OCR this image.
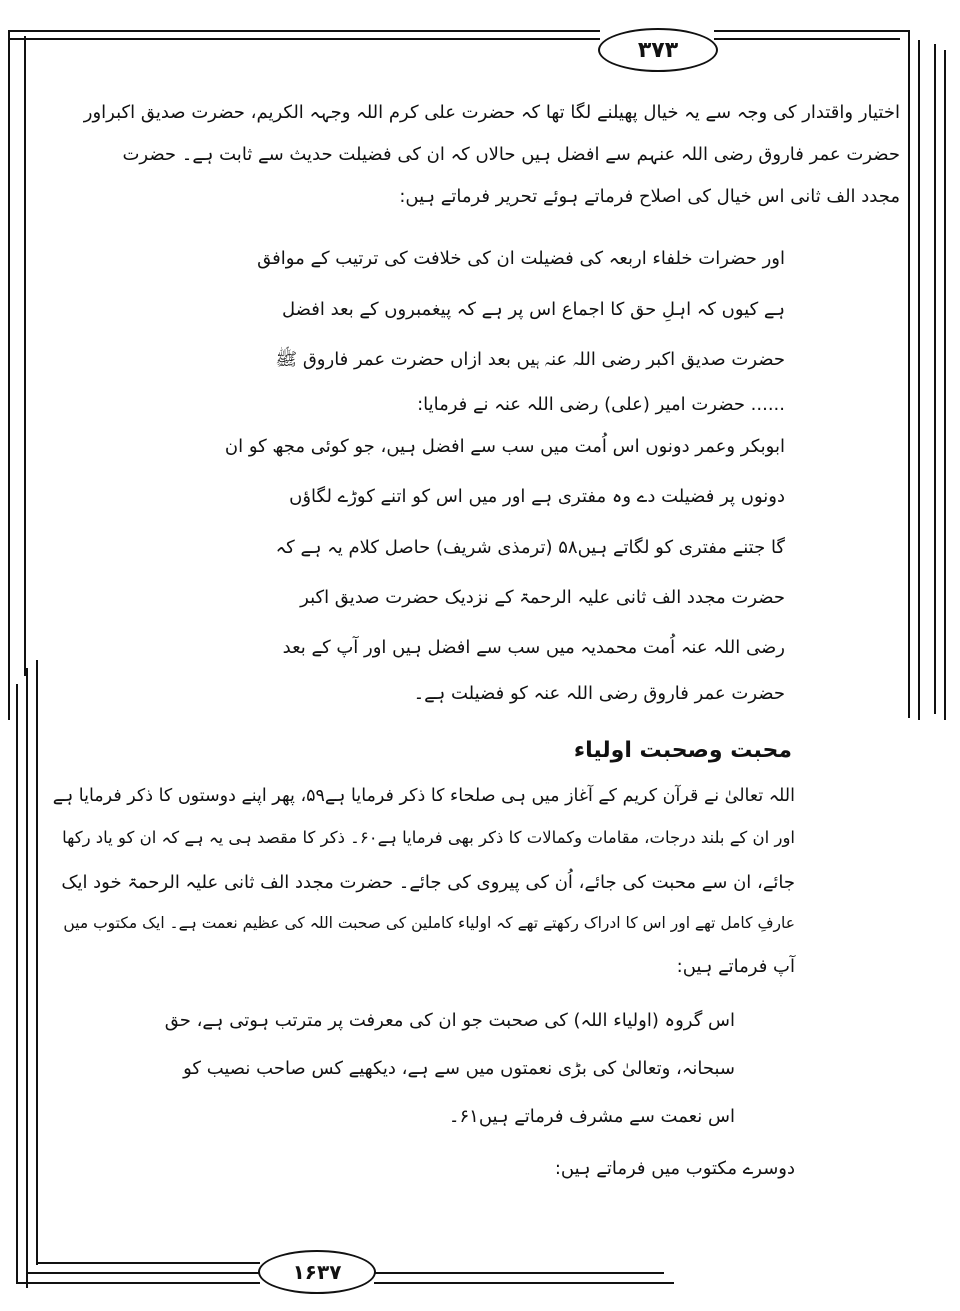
۳۷۳
اختیار واقتدار کی وجہ سے یہ خیال پھیلنے لگا تھا کہ حضرت علی کرم اللہ وجہہ الکریم، حضرت صدیق اکبراور
حضرت عمر فاروق رضی اللہ عنہم سے افضل ہیں حالاں کہ ان کی فضیلت حدیث سے ثابت ہے۔ حضرت
مجدد الف ثانی اس خیال کی اصلاح فرماتے ہوئے تحریر فرماتے ہیں:
اور حضرات خلفاء اربعہ کی فضیلت ان کی خلافت کی ترتیب کے موافق
ہے کیوں کہ اہلِ حق کا اجماع اس پر ہے کہ پیغمبروں کے بعد افضل
حضرت صدیق اکبر رضی اللہ عنہ ہیں بعد ازاں حضرت عمر فاروق ﷺ
...... حضرت امیر (علی) رضی اللہ عنہ نے فرمایا:
ابوبکر وعمر دونوں اس اُمت میں سب سے افضل ہیں، جو کوئی مجھ کو ان
دونوں پر فضیلت دے وہ مفتری ہے اور میں اس کو اتنے کوڑے لگاؤں
گا جتنے مفتری کو لگاتے ہیں۵۸ (ترمذی شریف) حاصل کلام یہ ہے کہ
حضرت مجدد الف ثانی علیہ الرحمۃ کے نزدیک حضرت صدیق اکبر
رضی اللہ عنہ اُمت محمدیہ میں سب سے افضل ہیں اور آپ کے بعد
حضرت عمر فاروق رضی اللہ عنہ کو فضیلت ہے۔
۱۶۳۷
محبت وصحبت اولیاء
اللہ تعالیٰ نے قرآن کریم کے آغاز میں ہی صلحاء کا ذکر فرمایا ہے۵۹، پھر اپنے دوستوں کا ذکر فرمایا ہے
اور ان کے بلند درجات، مقامات وکمالات کا ذکر بھی فرمایا ہے۶۰۔ ذکر کا مقصد ہی یہ ہے کہ ان کو یاد رکھا
جائے، ان سے محبت کی جائے، اُن کی پیروی کی جائے۔ حضرت مجدد الف ثانی علیہ الرحمۃ خود ایک
عارفِ کامل تھے اور اس کا ادراک رکھتے تھے کہ اولیاء کاملین کی صحبت اللہ کی عظیم نعمت ہے۔ ایک مکتوب میں
آپ فرماتے ہیں:
اس گروہ (اولیاء اللہ) کی صحبت جو ان کی معرفت پر مترتب ہوتی ہے، حق
سبحانہ، وتعالیٰ کی بڑی نعمتوں میں سے ہے، دیکھیے کس صاحب نصیب کو
اس نعمت سے مشرف فرماتے ہیں۶۱۔
دوسرے مکتوب میں فرماتے ہیں:
